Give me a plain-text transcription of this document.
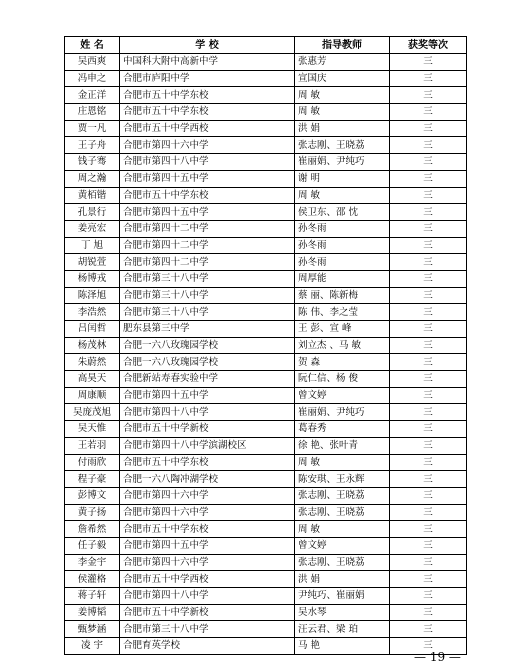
姓 名	学 校	指导教师	获奖等次
吴西爽	中国科大附中高新中学	张惠芳	三
冯申之	合肥市庐阳中学	宣国庆	三
金正洋	合肥市五十中学东校	周 敏	三
庄恩铭	合肥市五十中学东校	周 敏	三
贾一凡	合肥市五十中学西校	洪 娟	三
王子舟	合肥市第四十六中学	张志刚、王晓荔	三
钱子骞	合肥市第四十八中学	崔丽娟、尹纯巧	三
周之瀚	合肥市第四十五中学	谢 明	三
黄栢锴	合肥市五十中学东校	周 敏	三
孔景行	合肥市第四十五中学	侯卫东、邵 忱	三
姜亮宏	合肥市第四十二中学	孙冬雨	三
丁 旭	合肥市第四十二中学	孙冬雨	三
胡锐萱	合肥市第四十二中学	孙冬雨	三
杨博戎	合肥市第三十八中学	周厚能	三
陈泽旭	合肥市第三十八中学	蔡 丽、陈新梅	三
李浩然	合肥市第三十八中学	陈 伟、李之莹	三
吕闰哲	肥东县第三中学	王 彭、宣 峰	三
杨茂林	合肥一六八玫瑰园学校	刘立杰 、马 敏	三
朱蔚然	合肥一六八玫瑰园学校	贺 森	三
高昊天	合肥新站寿春实验中学	阮仁信、杨 俊	三
周康顺	合肥市第四十五中学	曾文婷	三
吴庞茂旭	合肥市第四十八中学	崔丽娟、尹纯巧	三
吴天惟	合肥市五十中学新校	葛春秀	三
王若羽	合肥市第四十八中学滨湖校区	徐 艳、张叶青	三
付雨欣	合肥市五十中学东校	周 敏	三
程子豪	合肥一六八陶冲湖学校	陈安琪、王永辉	三
彭博文	合肥市第四十六中学	张志刚、王晓荔	三
黄子扬	合肥市第四十六中学	张志刚、王晓荔	三
詹希然	合肥市五十中学东校	周 敏	三
任子毅	合肥市第四十五中学	曾文婷	三
李金宇	合肥市第四十六中学	张志刚、王晓荔	三
侯灌格	合肥市五十中学西校	洪 娟	三
蒋子轩	合肥市第四十八中学	尹纯巧、崔丽娟	三
姜博韬	合肥市五十中学新校	吴水琴	三
甄梦涵	合肥市第三十八中学	汪云君、梁 珀	三
凌 宇	合肥育英学校	马 艳	三
— 19 —
